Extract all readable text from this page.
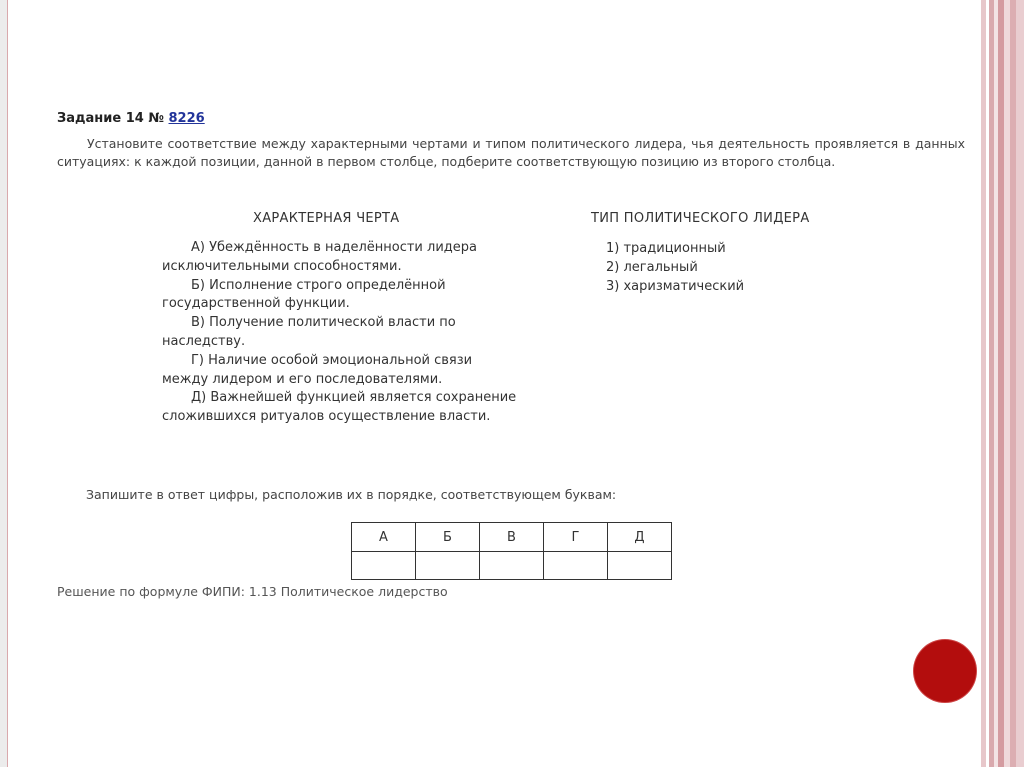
Задание 14 № 8226
Установите соответствие между характерными чертами и типом политического лидера, чья деятельность проявляется в данных ситуациях: к каждой позиции, данной в первом столбце, подберите соответствующую позицию из второго столбца.
ХАРАКТЕРНАЯ ЧЕРТА	ТИП ПОЛИТИЧЕСКОГО ЛИДЕРА

А) Убеждённость в наделённости лидера исключительными способностями.

Б) Исполнение строго определённой государственной функции.

В) Получение политической власти по наследству.

Г) Наличие особой эмоциональной связи между лидером и его последователями.

Д) Важнейшей функцией является сохранение сложившихся ритуалов осуществление власти.

1) традиционный
2) легальный
3) харизматический
Запишите в ответ цифры, расположив их в порядке, соответствующем буквам:
А	Б	В	Г	Д

Решение по формуле ФИПИ: 1.13 Политическое лидерство
